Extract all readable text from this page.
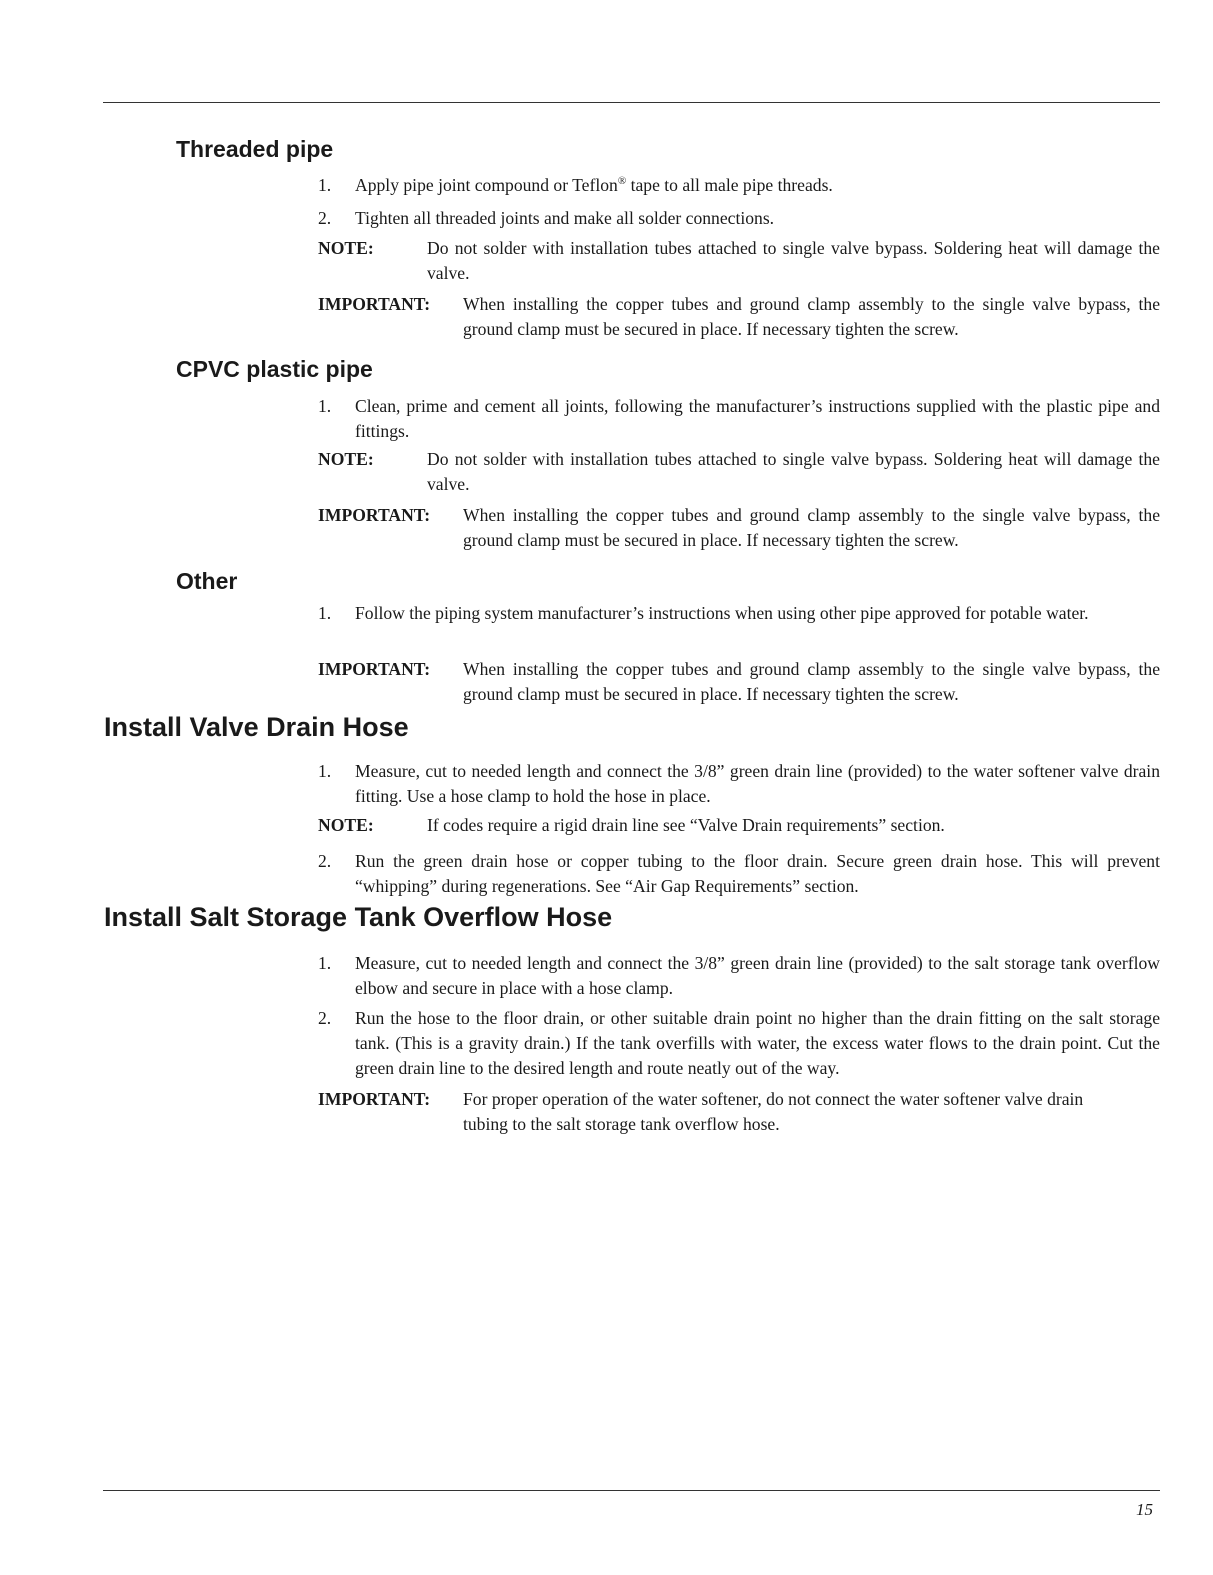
Threaded pipe
1. Apply pipe joint compound or Teflon® tape to all male pipe threads.
2. Tighten all threaded joints and make all solder connections.
NOTE:	Do not solder with installation tubes attached to single valve bypass. Soldering heat will damage the valve.
IMPORTANT: When installing the copper tubes and ground clamp assembly to the single valve bypass, the ground clamp must be secured in place. If necessary tighten the screw.
CPVC plastic pipe
1. Clean, prime and cement all joints, following the manufacturer’s instructions supplied with the plastic pipe and fittings.
NOTE:	Do not solder with installation tubes attached to single valve bypass. Soldering heat will damage the valve.
IMPORTANT: When installing the copper tubes and ground clamp assembly to the single valve bypass, the ground clamp must be secured in place. If necessary tighten the screw.
Other
1. Follow the piping system manufacturer’s instructions when using other pipe approved for potable water.
IMPORTANT: When installing the copper tubes and ground clamp assembly to the single valve bypass, the ground clamp must be secured in place. If necessary tighten the screw.
Install Valve Drain Hose
1. Measure, cut to needed length and connect the 3/8” green drain line (provided) to the water softener valve drain fitting. Use a hose clamp to hold the hose in place.
NOTE:	If codes require a rigid drain line see “Valve Drain requirements” section.
2. Run the green drain hose or copper tubing to the floor drain. Secure green drain hose. This will prevent “whipping” during regenerations. See “Air Gap Requirements” section.
Install Salt Storage Tank Overflow Hose
1. Measure, cut to needed length and connect the 3/8” green drain line (provided) to the salt storage tank overflow elbow and secure in place with a hose clamp.
2. Run the hose to the floor drain, or other suitable drain point no higher than the drain fitting on the salt storage tank. (This is a gravity drain.) If the tank overfills with water, the excess water flows to the drain point. Cut the green drain line to the desired length and route neatly out of the way.
IMPORTANT: For proper operation of the water softener, do not connect the water softener valve drain tubing to the salt storage tank overflow hose.
15
